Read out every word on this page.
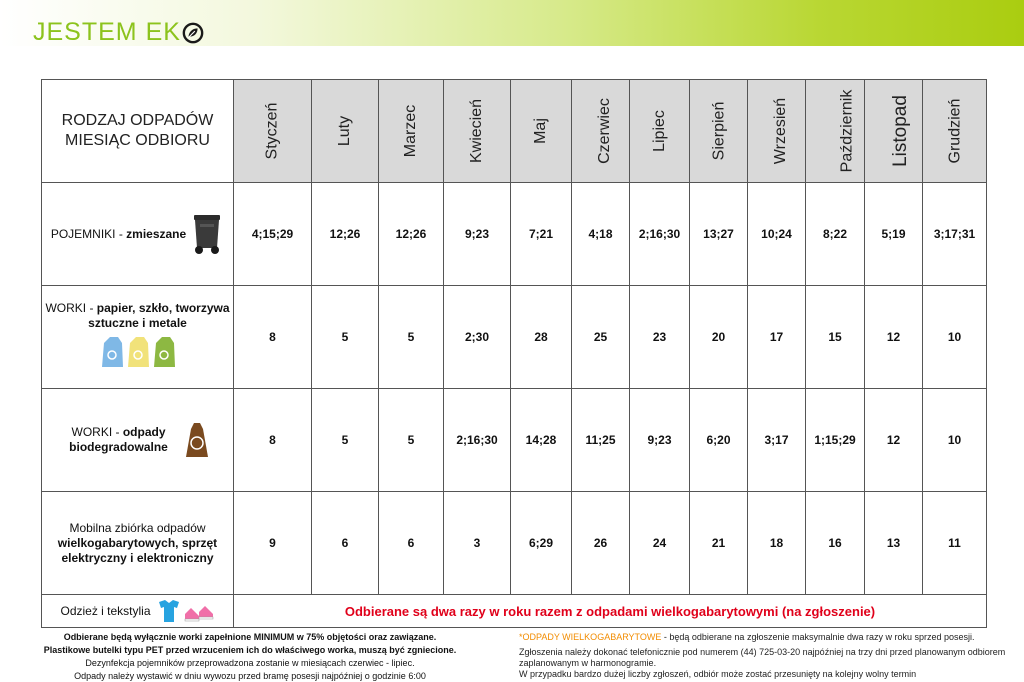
JESTEM EK
RODZAJ ODPADÓW
MIESIĄC ODBIORU	Styczeń	Luty	Marzec	Kwiecień	Maj	Czerwiec	Lipiec	Sierpień	Wrzesień	Październik	Listopad	Grudzień

POJEMNIKI - zmieszane	4;15;29	12;26	12;26	9;23	7;21	4;18	2;16;30	13;27	10;24	8;22	5;19	3;17;31

WORKI - papier, szkło, tworzywa sztuczne i metale	8	5	5	2;30	28	25	23	20	17	15	12	10

WORKI - odpady biodegradowalne	8	5	5	2;16;30	14;28	11;25	9;23	6;20	3;17	1;15;29	12	10
Mobilna zbiórka odpadów wielkogabarytowych, sprzęt elektryczny i elektroniczny	9	6	6	3	6;29	26	24	21	18	16	13	11

Odzież i tekstylia	Odbierane są dwa razy w roku razem z odpadami wielkogabarytowymi (na zgłoszenie)											
Odbierane będą wyłącznie worki zapełnione MINIMUM w 75% objętości oraz zawiązane.
Plastikowe butelki typu PET przed wrzuceniem ich do właściwego worka, muszą być zgniecione.
Dezynfekcja pojemników przeprowadzona zostanie w miesiącach czerwiec - lipiec.
Odpady należy wystawić w dniu wywozu przed bramę posesji najpóźniej o godzinie 6:00
*ODPADY WIELKOGABARYTOWE - będą odbierane na zgłoszenie maksymalnie dwa razy w roku sprzed posesji.
Zgłoszenia należy dokonać telefonicznie pod numerem (44) 725-03-20 najpóźniej na trzy dni przed planowanym odbiorem zaplanowanym w harmonogramie.
W przypadku bardzo dużej liczby zgłoszeń, odbiór może zostać przesunięty na kolejny wolny termin
